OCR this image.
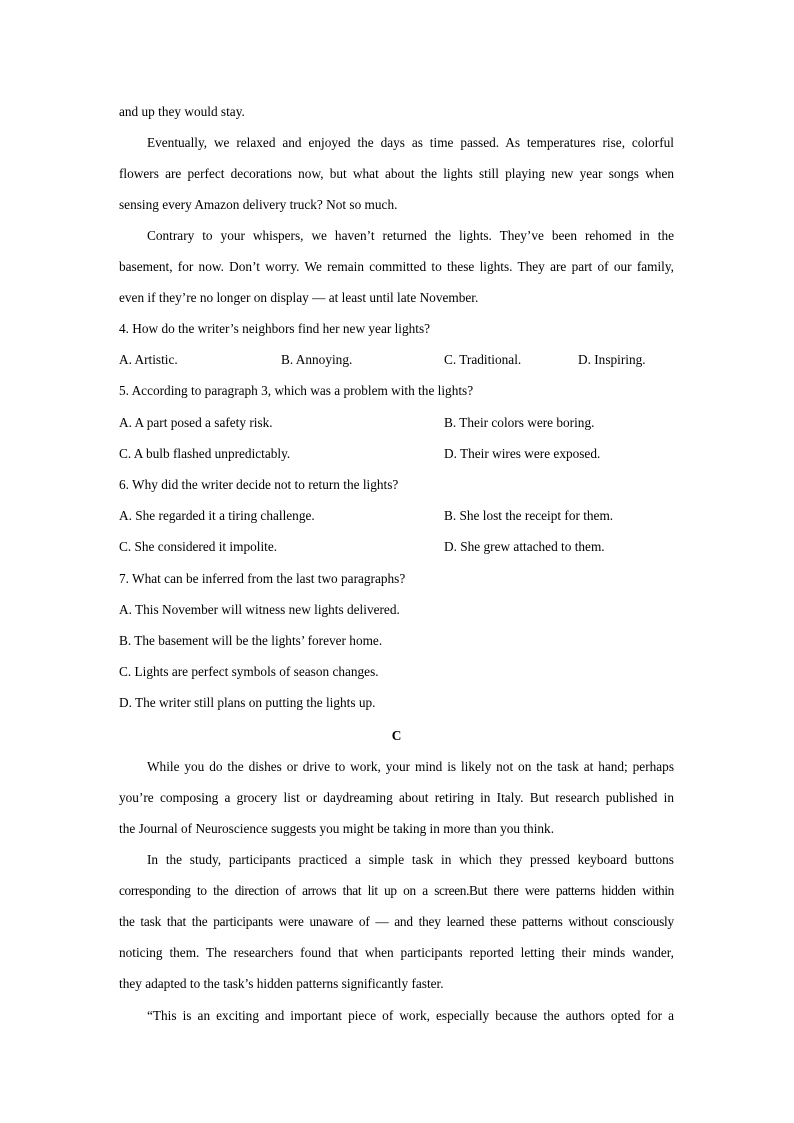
and up they would stay.
Eventually, we relaxed and enjoyed the days as time passed. As temperatures rise, colorful
flowers are perfect decorations now, but what about the lights still playing new year songs when
sensing every Amazon delivery truck? Not so much.
Contrary to your whispers, we haven’t returned the lights. They’ve been rehomed in the
basement, for now. Don’t worry. We remain committed to these lights. They are part of our family,
even if they’re no longer on display — at least until late November.
4. How do the writer’s neighbors find her new year lights?
A. Artistic.	B. Annoying.	C. Traditional.	D. Inspiring.
5. According to paragraph 3, which was a problem with the lights?
A. A part posed a safety risk.	B. Their colors were boring.
C. A bulb flashed unpredictably.	D. Their wires were exposed.
6. Why did the writer decide not to return the lights?
A. She regarded it a tiring challenge.	B. She lost the receipt for them.
C. She considered it impolite.	D. She grew attached to them.
7. What can be inferred from the last two paragraphs?
A. This November will witness new lights delivered.
B. The basement will be the lights’ forever home.
C. Lights are perfect symbols of season changes.
D. The writer still plans on putting the lights up.
C
While you do the dishes or drive to work, your mind is likely not on the task at hand; perhaps
you’re composing a grocery list or daydreaming about retiring in Italy. But research published in
the Journal of Neuroscience suggests you might be taking in more than you think.
In the study, participants practiced a simple task in which they pressed keyboard buttons
corresponding to the direction of arrows that lit up on a screen.But there were patterns hidden within
the task that the participants were unaware of — and they learned these patterns without consciously
noticing them. The researchers found that when participants reported letting their minds wander,
they adapted to the task’s hidden patterns significantly faster.
“This is an exciting and important piece of work, especially because the authors opted for a
